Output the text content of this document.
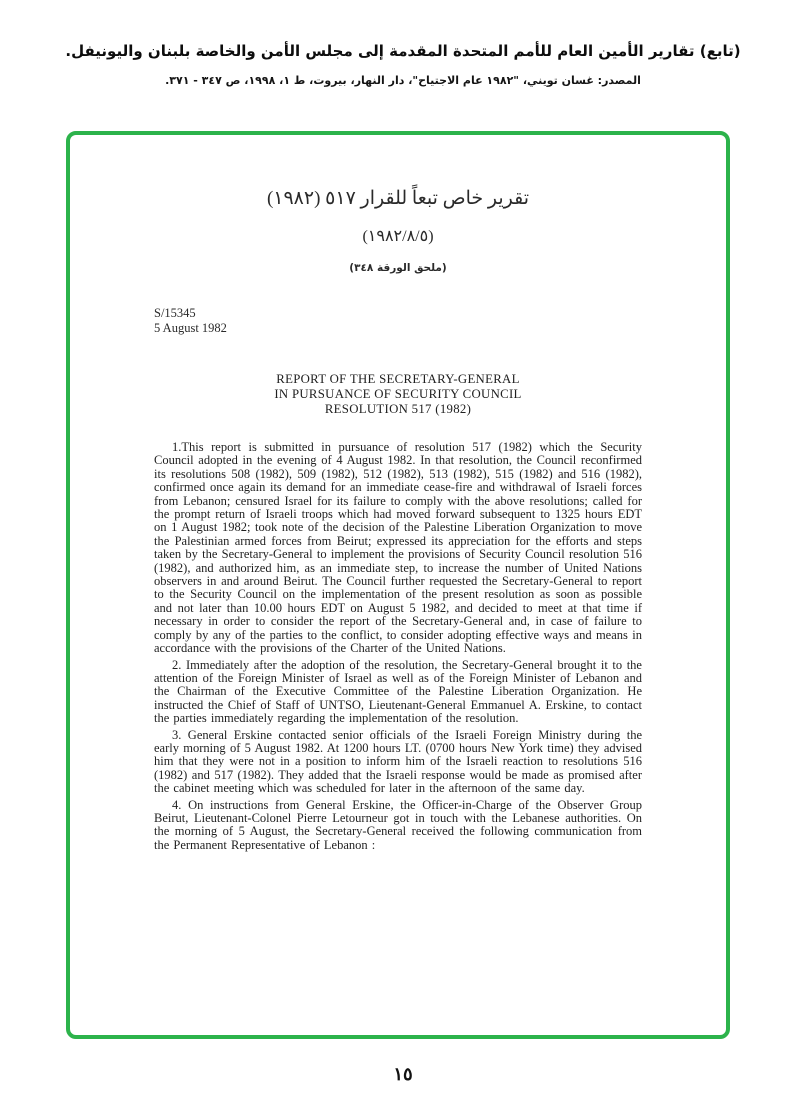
(تابع) تقارير الأمين العام للأمم المتحدة المقدمة إلى مجلس الأمن والخاصة بلبنان واليونيفل.
المصدر: غسان تويني، "١٩٨٢ عام الاجتياح"، دار النهار، بيروت، ط ١، ١٩٩٨، ص ٣٤٧ - ٣٧١.
تقرير خاص تبعاً للقرار ٥١٧ (١٩٨٢)
(١٩٨٢/٨/٥)
(ملحق الورقة ٣٤٨)
S/15345
5 August 1982
REPORT OF THE SECRETARY-GENERAL
IN PURSUANCE OF SECURITY COUNCIL
RESOLUTION 517 (1982)

1.This report is submitted in pursuance of resolution 517 (1982) which the Security Council adopted in the evening of 4 August 1982. In that resolution, the Council reconfirmed its resolutions 508 (1982), 509 (1982), 512 (1982), 513 (1982), 515 (1982) and 516 (1982), confirmed once again its demand for an immediate cease-fire and withdrawal of Israeli forces from Lebanon; censured Israel for its failure to comply with the above resolutions; called for the prompt return of Israeli troops which had moved forward subsequent to 1325 hours EDT on 1 August 1982; took note of the decision of the Palestine Liberation Organization to move the Palestinian armed forces from Beirut; expressed its appreciation for the efforts and steps taken by the Secretary-General to implement the provisions of Security Council resolution 516 (1982), and authorized him, as an immediate step, to increase the number of United Nations observers in and around Beirut. The Council further requested the Secretary-General to report to the Security Council on the implementation of the present resolution as soon as possible and not later than 10.00 hours EDT on August 5 1982, and decided to meet at that time if necessary in order to consider the report of the Secretary-General and, in case of failure to comply by any of the parties to the conflict, to consider adopting effective ways and means in accordance with the provisions of the Charter of the United Nations.

2. Immediately after the adoption of the resolution, the Secretary-General brought it to the attention of the Foreign Minister of Israel as well as of the Foreign Minister of Lebanon and the Chairman of the Executive Committee of the Palestine Liberation Organization. He instructed the Chief of Staff of UNTSO, Lieutenant-General Emmanuel A. Erskine, to contact the parties immediately regarding the implementation of the resolution.

3. General Erskine contacted senior officials of the Israeli Foreign Ministry during the early morning of 5 August 1982. At 1200 hours LT. (0700 hours New York time) they advised him that they were not in a position to inform him of the Israeli reaction to resolutions 516 (1982) and 517 (1982). They added that the Israeli response would be made as promised after the cabinet meeting which was scheduled for later in the afternoon of the same day.

4. On instructions from General Erskine, the Officer-in-Charge of the Observer Group Beirut, Lieutenant-Colonel Pierre Letourneur got in touch with the Lebanese authorities. On the morning of 5 August, the Secretary-General received the following communication from the Permanent Representative of Lebanon :

١٥
